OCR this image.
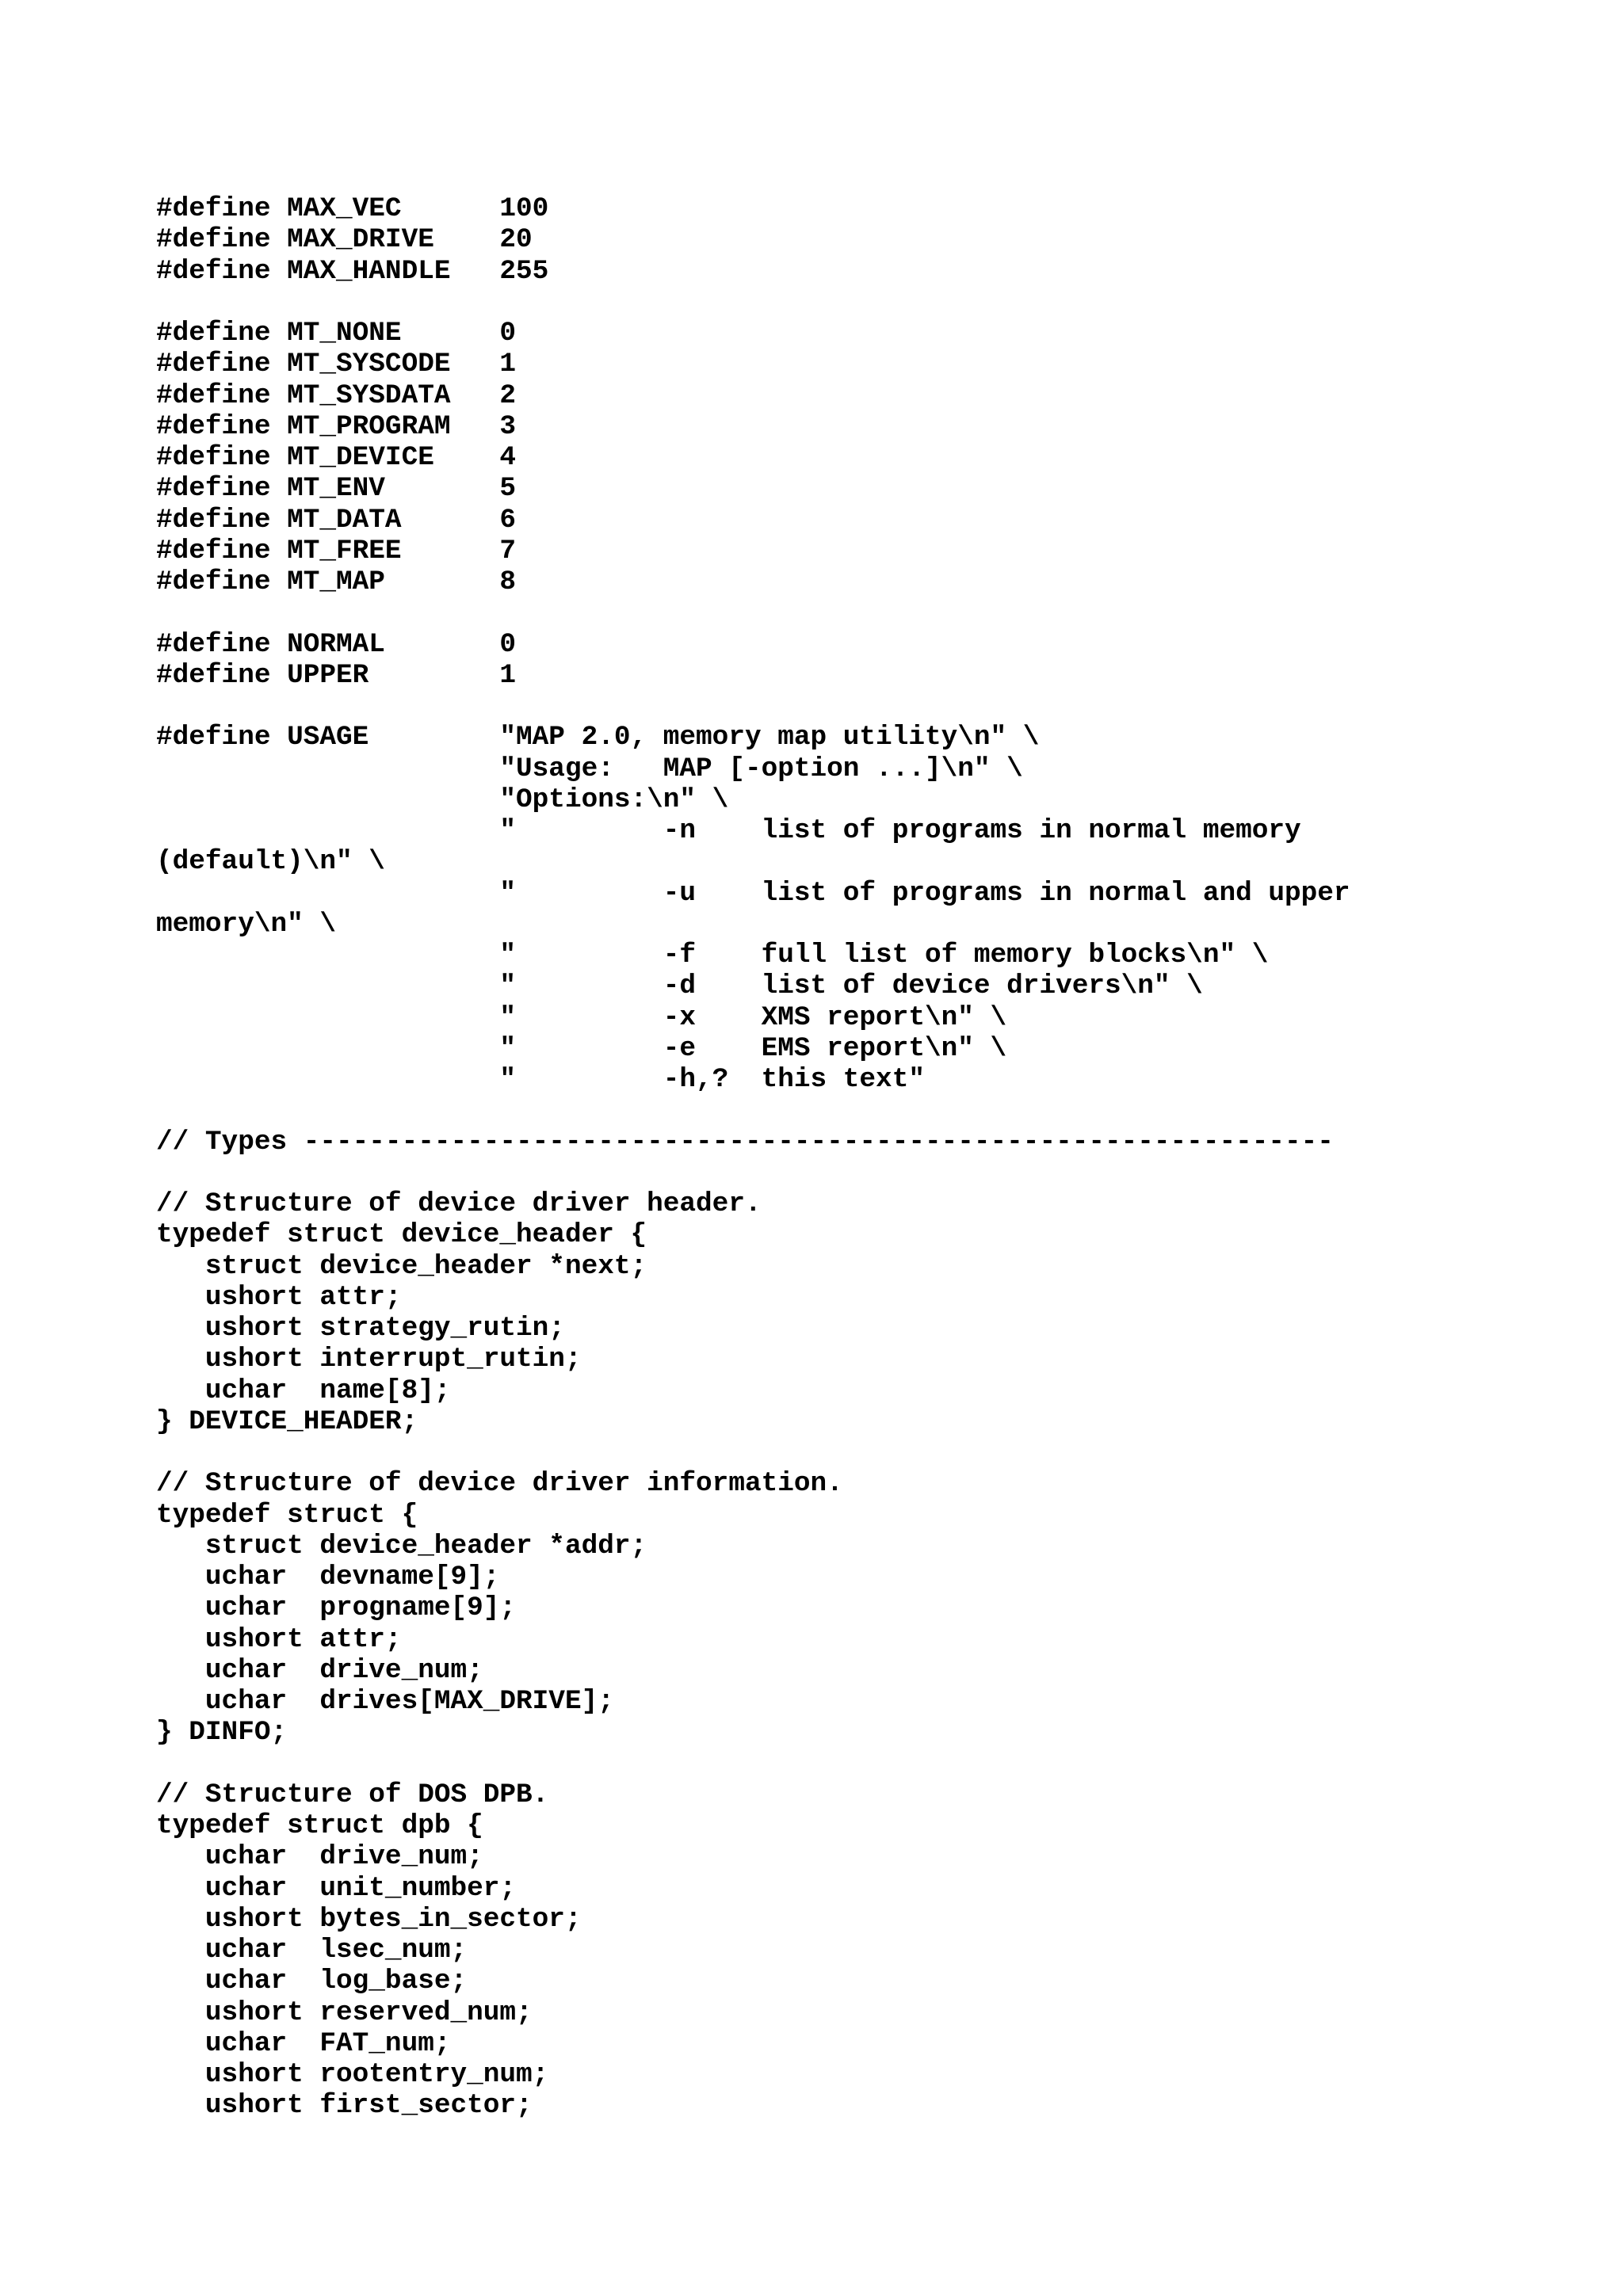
#define MAX_VEC      100
#define MAX_DRIVE    20
#define MAX_HANDLE   255
#define MT_NONE      0
#define MT_SYSCODE   1
#define MT_SYSDATA   2
#define MT_PROGRAM   3
#define MT_DEVICE    4
#define MT_ENV       5
#define MT_DATA      6
#define MT_FREE      7
#define MT_MAP       8
#define NORMAL       0
#define UPPER        1
#define USAGE        "MAP 2.0, memory map utility\n" \
"Usage:   MAP [-option ...]\n" \
"Options:\n" \
"         -n    list of programs in normal memory
(default)\n" \
"         -u    list of programs in normal and upper
memory\n" \
"         -f    full list of memory blocks\n" \
"         -d    list of device drivers\n" \
"         -x    XMS report\n" \
"         -e    EMS report\n" \
"         -h,?  this text"
// Types ---------------------------------------------------------------
// Structure of device driver header.
typedef struct device_header {
struct device_header *next;
ushort attr;
ushort strategy_rutin;
ushort interrupt_rutin;
uchar  name[8];
} DEVICE_HEADER;
// Structure of device driver information.
typedef struct {
struct device_header *addr;
uchar  devname[9];
uchar  progname[9];
ushort attr;
uchar  drive_num;
uchar  drives[MAX_DRIVE];
} DINFO;
// Structure of DOS DPB.
typedef struct dpb {
uchar  drive_num;
uchar  unit_number;
ushort bytes_in_sector;
uchar  lsec_num;
uchar  log_base;
ushort reserved_num;
uchar  FAT_num;
ushort rootentry_num;
ushort first_sector;
